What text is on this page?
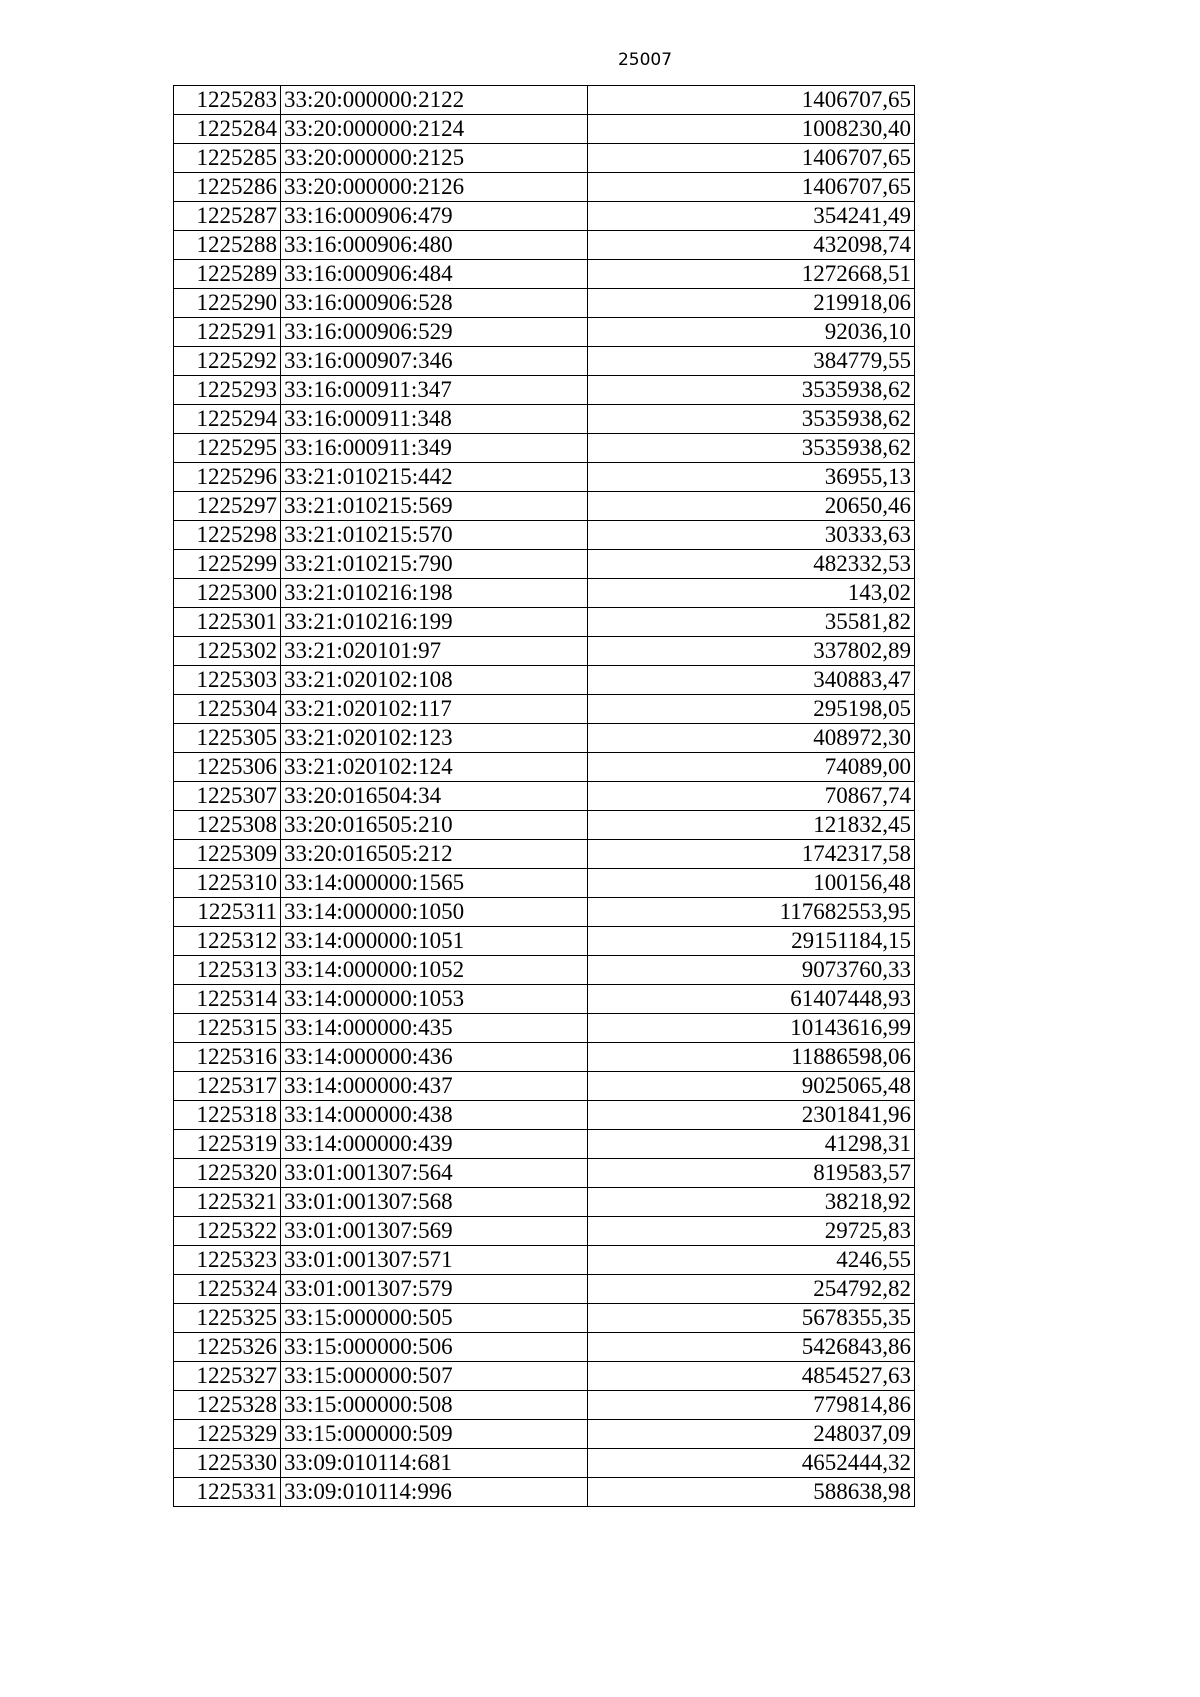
25007
1225283	33:20:000000:2122	1406707,65
1225284	33:20:000000:2124	1008230,40
1225285	33:20:000000:2125	1406707,65
1225286	33:20:000000:2126	1406707,65
1225287	33:16:000906:479	354241,49
1225288	33:16:000906:480	432098,74
1225289	33:16:000906:484	1272668,51
1225290	33:16:000906:528	219918,06
1225291	33:16:000906:529	92036,10
1225292	33:16:000907:346	384779,55
1225293	33:16:000911:347	3535938,62
1225294	33:16:000911:348	3535938,62
1225295	33:16:000911:349	3535938,62
1225296	33:21:010215:442	36955,13
1225297	33:21:010215:569	20650,46
1225298	33:21:010215:570	30333,63
1225299	33:21:010215:790	482332,53
1225300	33:21:010216:198	143,02
1225301	33:21:010216:199	35581,82
1225302	33:21:020101:97	337802,89
1225303	33:21:020102:108	340883,47
1225304	33:21:020102:117	295198,05
1225305	33:21:020102:123	408972,30
1225306	33:21:020102:124	74089,00
1225307	33:20:016504:34	70867,74
1225308	33:20:016505:210	121832,45
1225309	33:20:016505:212	1742317,58
1225310	33:14:000000:1565	100156,48
1225311	33:14:000000:1050	117682553,95
1225312	33:14:000000:1051	29151184,15
1225313	33:14:000000:1052	9073760,33
1225314	33:14:000000:1053	61407448,93
1225315	33:14:000000:435	10143616,99
1225316	33:14:000000:436	11886598,06
1225317	33:14:000000:437	9025065,48
1225318	33:14:000000:438	2301841,96
1225319	33:14:000000:439	41298,31
1225320	33:01:001307:564	819583,57
1225321	33:01:001307:568	38218,92
1225322	33:01:001307:569	29725,83
1225323	33:01:001307:571	4246,55
1225324	33:01:001307:579	254792,82
1225325	33:15:000000:505	5678355,35
1225326	33:15:000000:506	5426843,86
1225327	33:15:000000:507	4854527,63
1225328	33:15:000000:508	779814,86
1225329	33:15:000000:509	248037,09
1225330	33:09:010114:681	4652444,32
1225331	33:09:010114:996	588638,98
